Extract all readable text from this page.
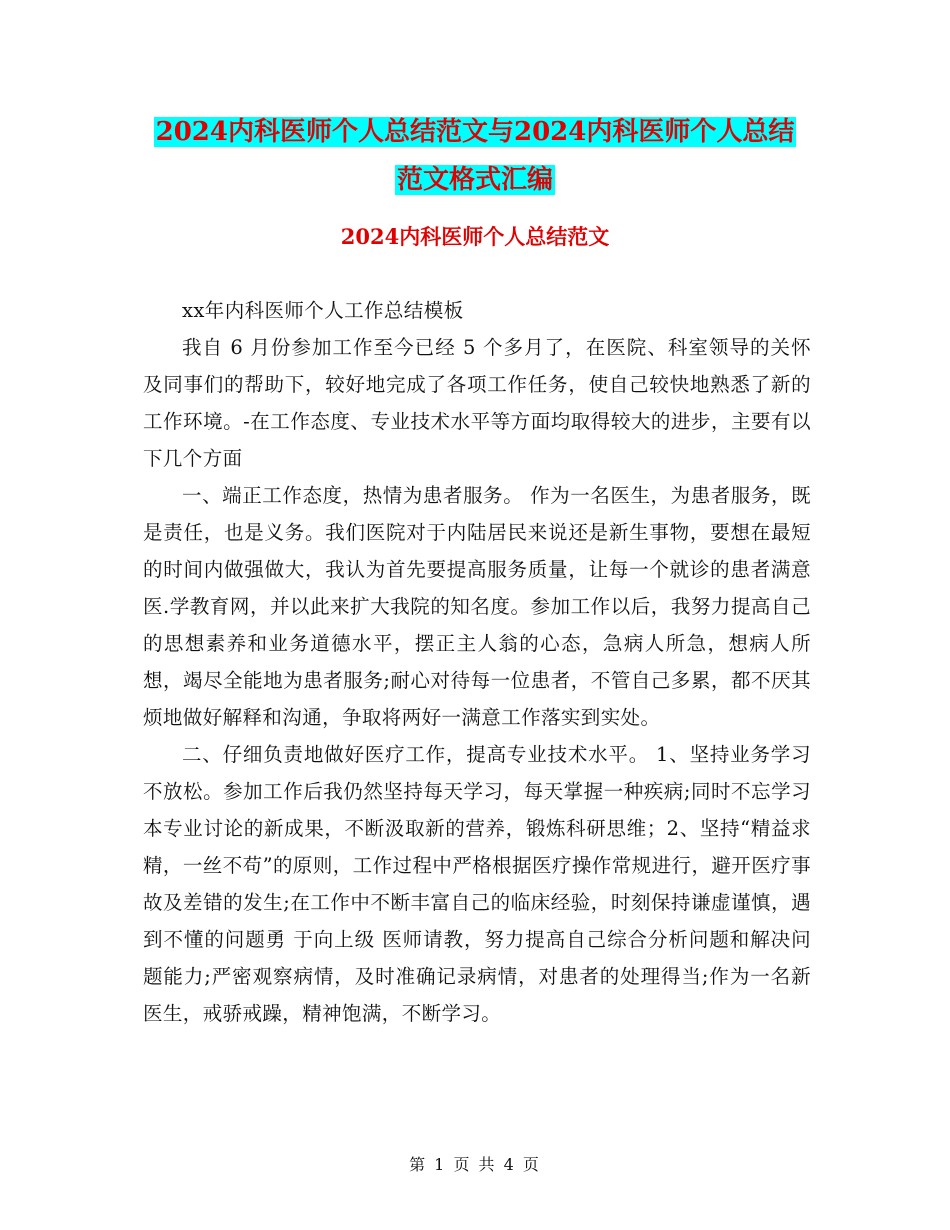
2024内科医师个人总结范文与2024内科医师个人总结
范文格式汇编
2024内科医师个人总结范文

xx年内科医师个人工作总结模板

我自 6 月份参加工作至今已经 5 个多月了，在医院、科室领导的关怀及同事们的帮助下，较好地完成了各项工作任务，使自己较快地熟悉了新的工作环境。-在工作态度、专业技术水平等方面均取得较大的进步，主要有以下几个方面

一、端正工作态度，热情为患者服务。 作为一名医生，为患者服务，既是责任，也是义务。我们医院对于内陆居民来说还是新生事物，要想在最短的时间内做强做大，我认为首先要提高服务质量，让每一个就诊的患者满意医.学教育网，并以此来扩大我院的知名度。参加工作以后，我努力提高自己的思想素养和业务道德水平，摆正主人翁的心态，急病人所急，想病人所想，竭尽全能地为患者服务;耐心对待每一位患者，不管自己多累，都不厌其烦地做好解释和沟通，争取将两好一满意工作落实到实处。

二、仔细负责地做好医疗工作，提高专业技术水平。 1、坚持业务学习不放松。参加工作后我仍然坚持每天学习，每天掌握一种疾病;同时不忘学习本专业讨论的新成果，不断汲取新的营养，锻炼科研思维；2、坚持“精益求精，一丝不苟”的原则，工作过程中严格根据医疗操作常规进行，避开医疗事故及差错的发生;在工作中不断丰富自己的临床经验，时刻保持谦虚谨慎，遇到不懂的问题勇 于向上级 医师请教，努力提高自己综合分析问题和解决问题能力;严密观察病情，及时准确记录病情，对患者的处理得当;作为一名新医生，戒骄戒躁，精神饱满，不断学习。

第 1 页 共 4 页
